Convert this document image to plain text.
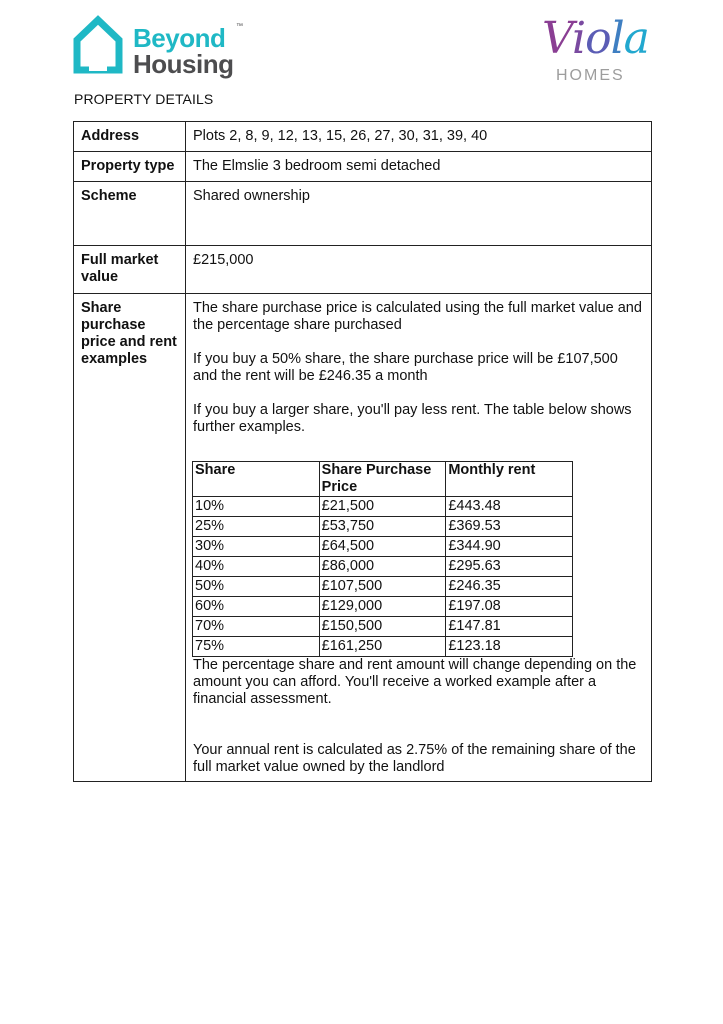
Beyond ™
Housing	Viola
HOMES
PROPERTY DETAILS
Address	Plots 2, 8, 9, 12, 13, 15, 26, 27, 30, 31, 39, 40
Property type	The Elmslie 3 bedroom semi detached
Scheme	Shared ownership
Full market value	£215,000
Share purchase price and rent examples	

The share purchase price is calculated using the full market value and the percentage share purchased

If you buy a 50% share, the share purchase price will be £107,500 and the rent will be £246.35 a month

If you buy a larger share, you'll pay less rent. The table below shows further examples.

Share	Share Purchase Price	Monthly rent
10%	£21,500	£443.48
25%	£53,750	£369.53
30%	£64,500	£344.90
40%	£86,000	£295.63
50%	£107,500	£246.35
60%	£129,000	£197.08
70%	£150,500	£147.81
75%	£161,250	£123.18

The percentage share and rent amount will change depending on the amount you can afford. You'll receive a worked example after a financial assessment.

Your annual rent is calculated as 2.75% of the remaining share of the full market value owned by the landlord
